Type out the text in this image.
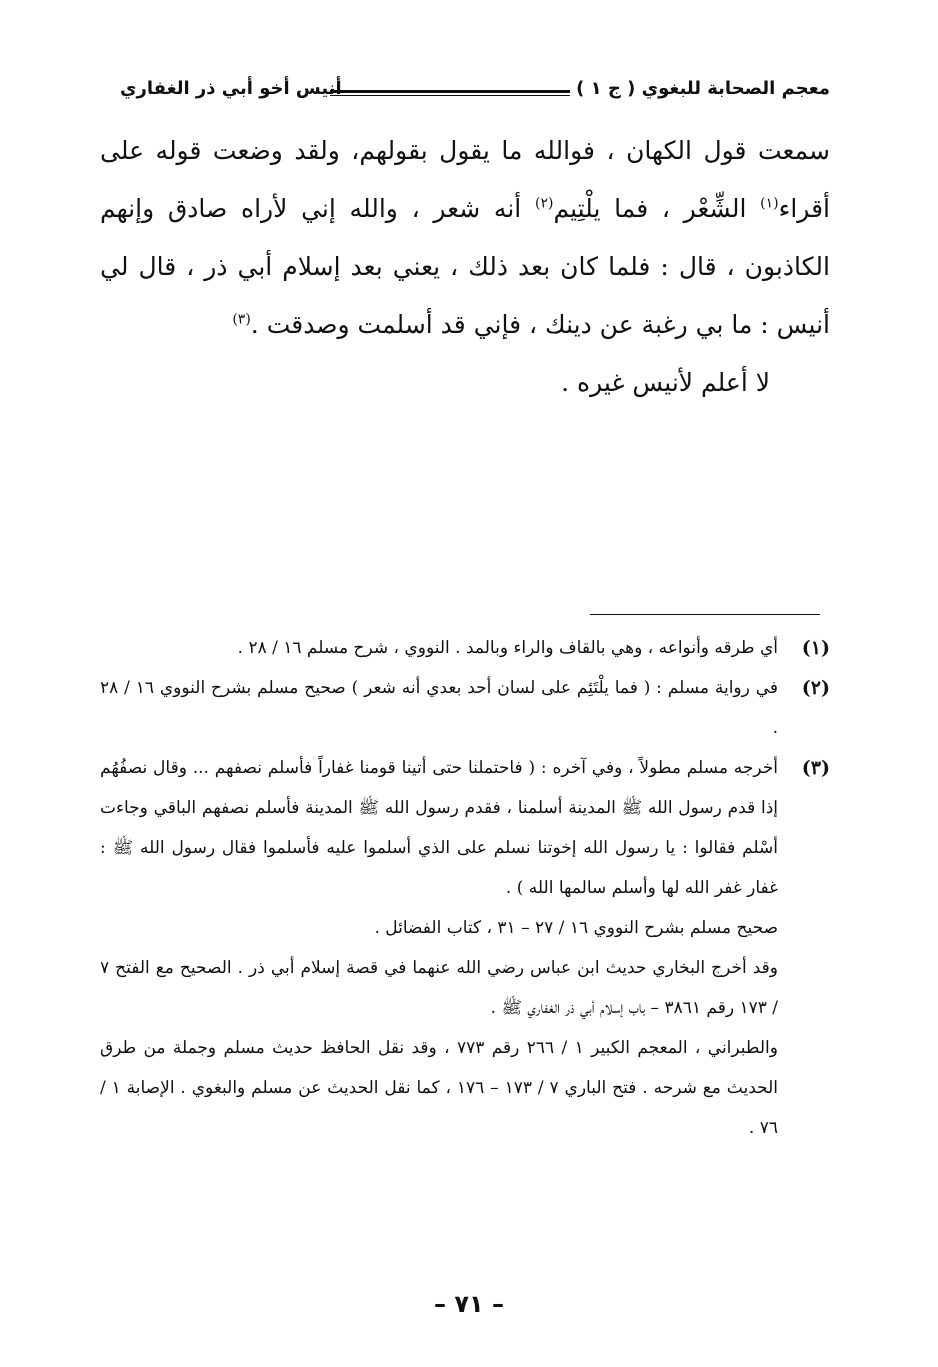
معجم الصحابة للبغوي ( ج ١ )
أنيس أخو أبي ذر الغفاري

سمعت قول الكهان ، فوالله ما يقول بقولهم، ولقد وضعت قوله على أقراء$^{(١)}$ الشِّعْر ، فما يلْتِيم$^{(٢)}$ أنه شعر ، والله إني لأراه صادق وإنهم الكاذبون ، قال : فلما كان بعد ذلك ، يعني بعد إسلام أبي ذر ، قال لي أنيس : ما بي رغبة عن دينك ، فإني قد أسلمت وصدقت .$^{(٣)}$

لا أعلم لأنيس غيره .

(١)

أي طرقه وأنواعه ، وهي بالقاف والراء وبالمد . النووي ، شرح مسلم ١٦ / ٢٨ .

(٢)

في رواية مسلم : ( فما يلْتَئِم على لسان أحد بعدي أنه شعر ) صحيح مسلم بشرح النووي ١٦ / ٢٨ .

(٣)

أخرجه مسلم مطولاً ، وفي آخره : ( فاحتملنا حتى أتينا قومنا غفاراً فأسلم نصفهم ... وقال نصفُهُم إذا قدم رسول الله ﷺ المدينة أسلمنا ، فقدم رسول الله ﷺ المدينة فأسلم نصفهم الباقي وجاءت أسْلم فقالوا : يا رسول الله إخوتنا نسلم على الذي أسلموا عليه فأسلموا فقال رسول الله ﷺ : غفار غفر الله لها وأسلم سالمها الله ) .

صحيح مسلم بشرح النووي ١٦ / ٢٧ – ٣١ ، كتاب الفضائل .

وقد أخرج البخاري حديث ابن عباس رضي الله عنهما في قصة إسلام أبي ذر . الصحيح مع الفتح ٧ / ١٧٣ رقم ٣٨٦١ – باب إسلام أبي ذر الغفاري ﷺ .

والطبراني ، المعجم الكبير ١ / ٢٦٦ رقم ٧٧٣ ، وقد نقل الحافظ حديث مسلم وجملة من طرق الحديث مع شرحه . فتح الباري ٧ / ١٧٣ – ١٧٦ ، كما نقل الحديث عن مسلم والبغوي . الإصابة ١ / ٧٦ .

– ٧١ –
